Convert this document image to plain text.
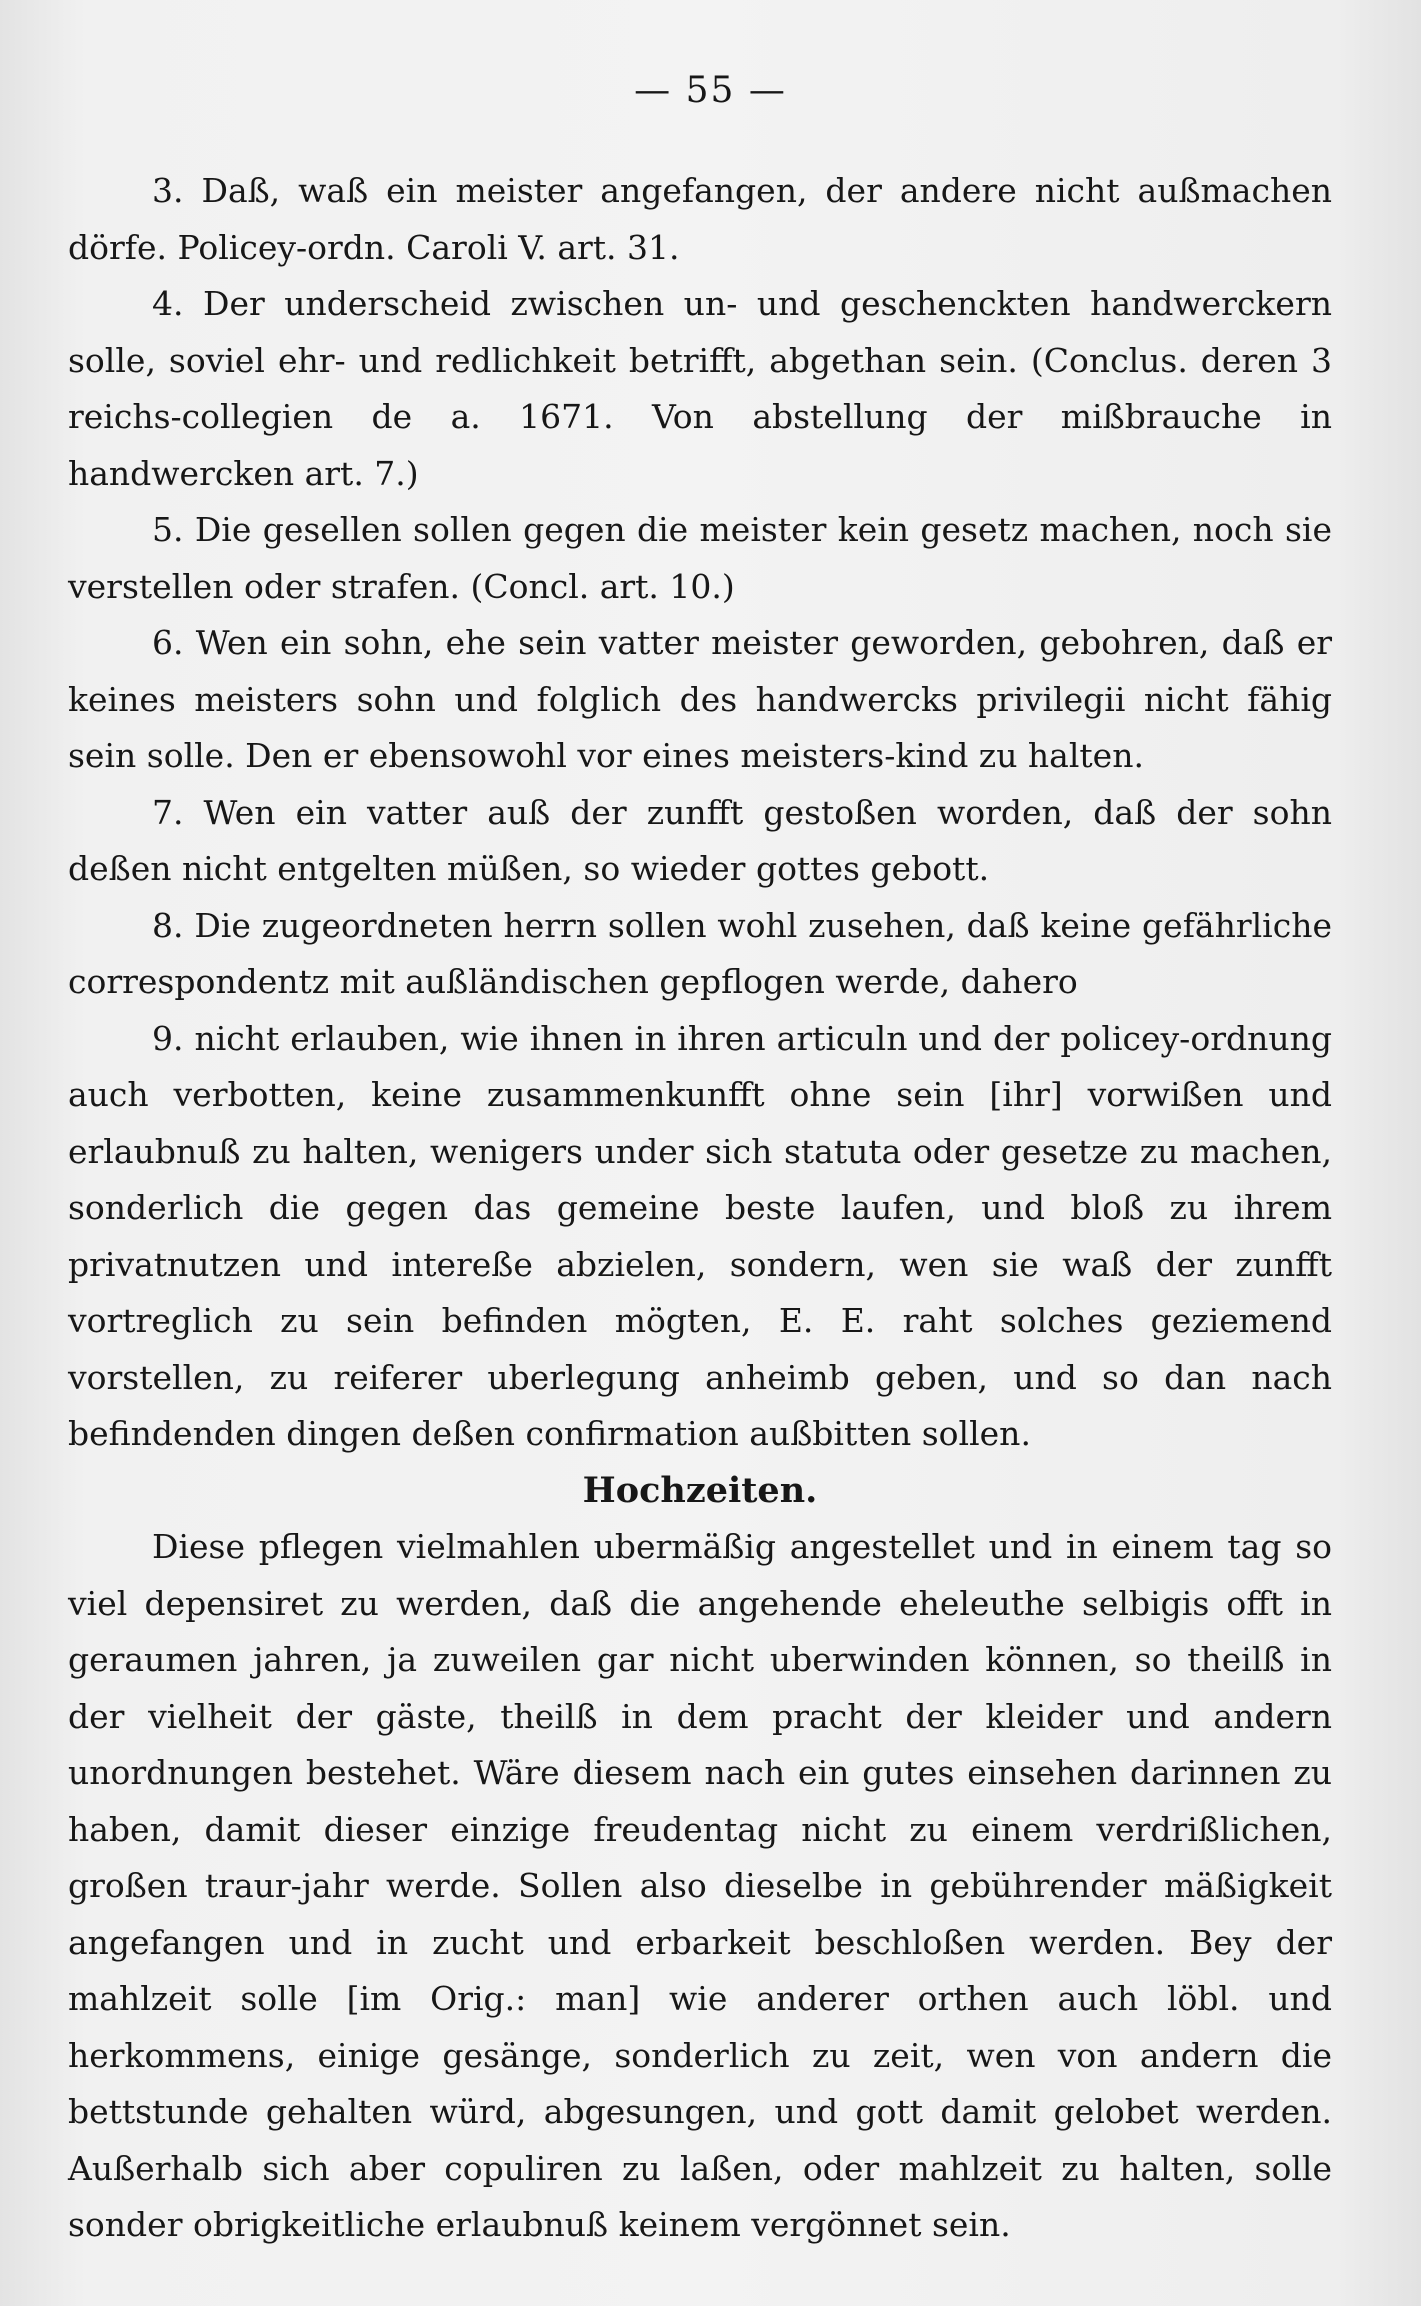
— 55 —

3. Daß, waß ein meister angefangen, der andere nicht außmachen dörfe. Policey-ordn. Caroli V. art. 31.

4. Der underscheid zwischen un- und geschenckten handwerckern solle, soviel ehr- und redlichkeit betrifft, abgethan sein. (Conclus. deren 3 reichs-collegien de a. 1671. Von abstellung der mißbrauche in handwercken art. 7.)

5. Die gesellen sollen gegen die meister kein gesetz machen, noch sie verstellen oder strafen. (Concl. art. 10.)

6. Wen ein sohn, ehe sein vatter meister geworden, gebohren, daß er keines meisters sohn und folglich des handwercks privilegii nicht fähig sein solle. Den er ebensowohl vor eines meisters-kind zu halten.

7. Wen ein vatter auß der zunfft gestoßen worden, daß der sohn deßen nicht entgelten müßen, so wieder gottes gebott.

8. Die zugeordneten herrn sollen wohl zusehen, daß keine gefährliche correspondentz mit außländischen gepflogen werde, dahero

9. nicht erlauben, wie ihnen in ihren articuln und der policey-ordnung auch verbotten, keine zusammenkunfft ohne sein [ihr] vorwißen und erlaubnuß zu halten, wenigers under sich statuta oder gesetze zu machen, sonderlich die gegen das gemeine beste laufen, und bloß zu ihrem privatnutzen und intereße abzielen, sondern, wen sie waß der zunfft vortreglich zu sein befinden mögten, E. E. raht solches geziemend vorstellen, zu reiferer uberlegung anheimb geben, und so dan nach befindenden dingen deßen confirmation außbitten sollen.

Hochzeiten.

Diese pflegen vielmahlen ubermäßig angestellet und in einem tag so viel depensiret zu werden, daß die angehende eheleuthe selbigis offt in geraumen jahren, ja zuweilen gar nicht uberwinden können, so theilß in der vielheit der gäste, theilß in dem pracht der kleider und andern unordnungen bestehet. Wäre diesem nach ein gutes einsehen darinnen zu haben, damit dieser einzige freudentag nicht zu einem verdrißlichen, großen traur-jahr werde. Sollen also dieselbe in gebührender mäßigkeit angefangen und in zucht und erbarkeit beschloßen werden. Bey der mahlzeit solle [im Orig.: man] wie anderer orthen auch löbl. und herkommens, einige gesänge, sonderlich zu zeit, wen von andern die bettstunde gehalten würd, abgesungen, und gott damit gelobet werden. Außerhalb sich aber copuliren zu laßen, oder mahlzeit zu halten, solle sonder obrigkeitliche erlaubnuß keinem vergönnet sein.
